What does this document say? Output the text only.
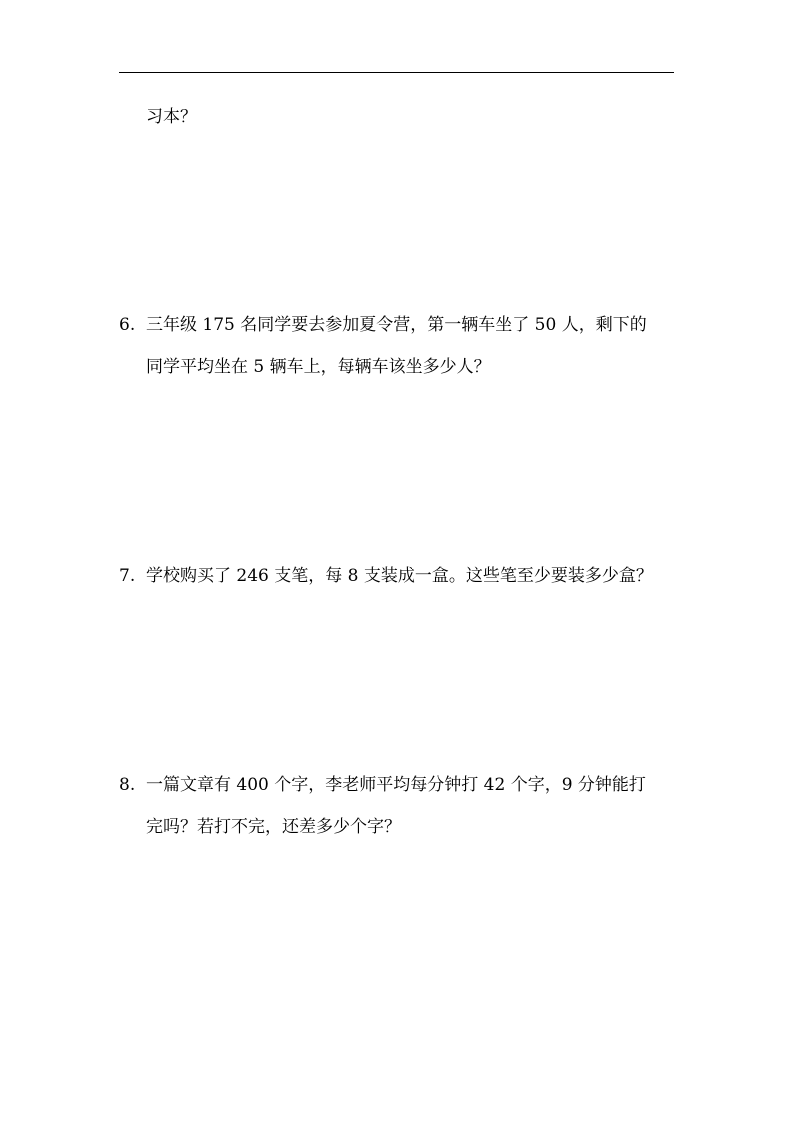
习本？
6. 三年级 175 名同学要去参加夏令营，第一辆车坐了 50 人，剩下的
同学平均坐在 5 辆车上，每辆车该坐多少人？
7. 学校购买了 246 支笔，每 8 支装成一盒。这些笔至少要装多少盒？
8. 一篇文章有 400 个字，李老师平均每分钟打 42 个字，9 分钟能打
完吗？若打不完，还差多少个字？
